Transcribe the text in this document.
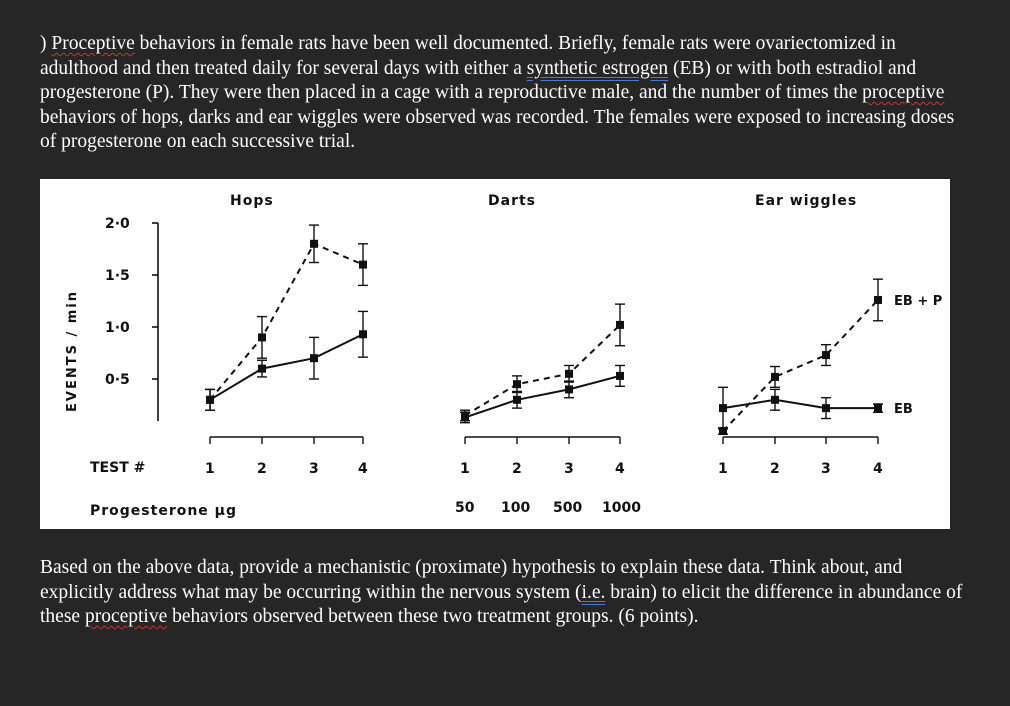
) Proceptive behaviors in female rats have been well documented. Briefly, female rats were ovariectomized in adulthood and then treated daily for several days with either a synthetic estrogen (EB) or with both estradiol and progesterone (P). They were then placed in a cage with a reproductive male, and the number of times the proceptive behaviors of hops, darks and ear wiggles were observed was recorded. The females were exposed to increasing doses of progesterone on each successive trial.

EVENTS / min
TEST #
Progesterone µg
2·0
1·5
1·0
0·5
Hops
1	2	3	4
Darts
1
50
2
100
3
500
4
1000
Ear wiggles
1	2	3	4
EB + P
EB

Based on the above data, provide a mechanistic (proximate) hypothesis to explain these data. Think about, and explicitly address what may be occurring within the nervous system (i.e. brain) to elicit the difference in abundance of these proceptive behaviors observed between these two treatment groups. (6 points).
